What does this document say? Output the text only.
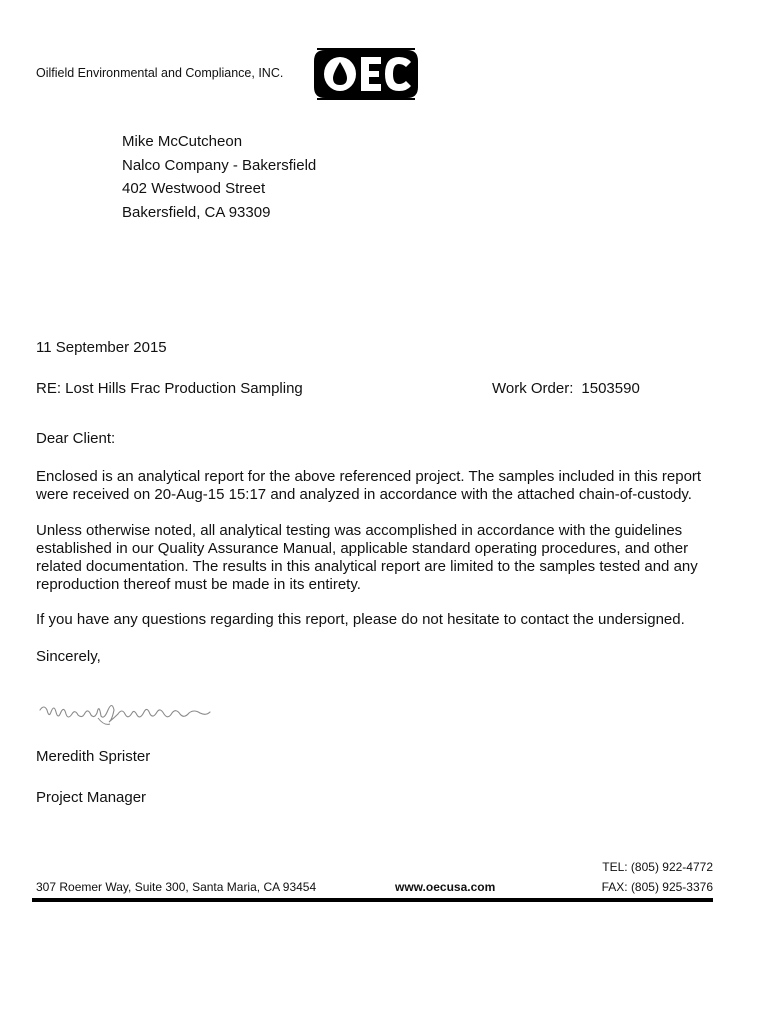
Oilfield Environmental and Compliance, INC.
Mike McCutcheon
Nalco Company - Bakersfield
402 Westwood Street
Bakersfield, CA 93309
11 September 2015
RE: Lost Hills Frac Production Sampling	Work Order: 1503590
Dear Client:

Enclosed is an analytical report for the above referenced project. The samples included in this report were received on 20-Aug-15 15:17 and analyzed in accordance with the attached chain-of-custody.

Unless otherwise noted, all analytical testing was accomplished in accordance with the guidelines established in our Quality Assurance Manual, applicable standard operating procedures, and other related documentation. The results in this analytical report are limited to the samples tested and any reproduction thereof must be made in its entirety.

If you have any questions regarding this report, please do not hesitate to contact the undersigned.

Sincerely,
Meredith Sprister
Project Manager
TEL: (805) 922-4772
307 Roemer Way, Suite 300, Santa Maria, CA 93454	www.oecusa.com	FAX: (805) 925-3376
